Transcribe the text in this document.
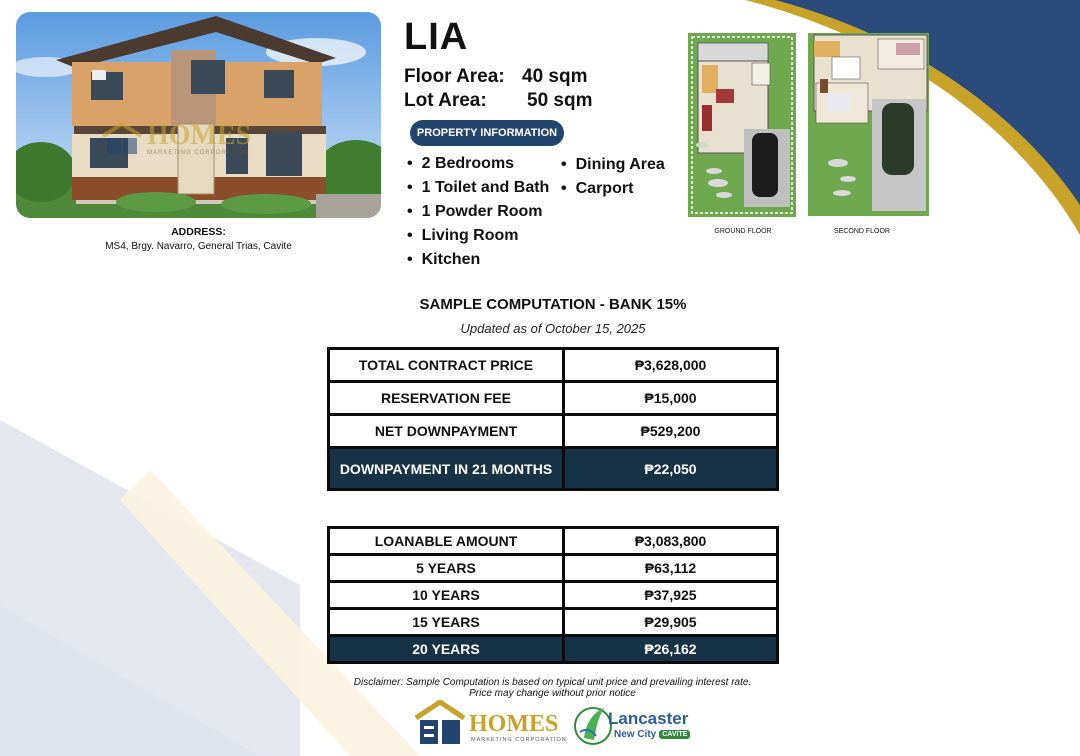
HOMES
MARKETING CORPORATION
ADDRESS:
MS4, Brgy. Navarro, General Trias, Cavite
LIA
Floor Area: 40 sqm
Lot Area: 50 sqm
PROPERTY INFORMATION
• 2 Bedrooms
• 1 Toilet and Bath
• 1 Powder Room
• Living Room
• Kitchen
• Dining Area
• Carport
GROUND FLOOR	SECOND FLOOR
SAMPLE COMPUTATION - BANK 15%
Updated as of October 15, 2025
TOTAL CONTRACT PRICE	₱3,628,000
RESERVATION FEE	₱15,000
NET DOWNPAYMENT	₱529,200
DOWNPAYMENT IN 21 MONTHS	₱22,050
LOANABLE AMOUNT	₱3,083,800
5 YEARS	₱63,112
10 YEARS	₱37,925
15 YEARS	₱29,905
20 YEARS	₱26,162
Disclaimer: Sample Computation is based on typical unit price and prevailing interest rate.
Price may change without prior notice
HOMES
MARKETING CORPORATION
Lancaster
New City CAVITE
